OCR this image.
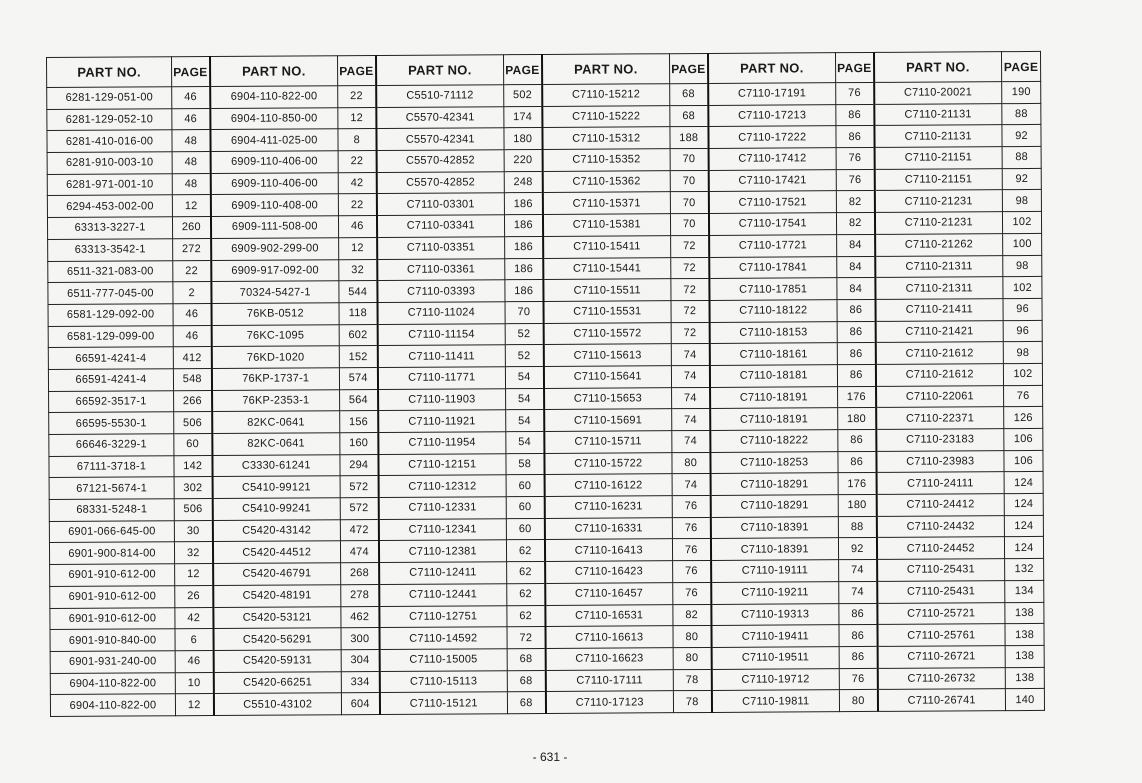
PART NO.	PAGE	PART NO.	PAGE	PART NO.	PAGE	PART NO.	PAGE	PART NO.	PAGE	PART NO.	PAGE
6281-129-051-00	46	6904-110-822-00	22	C5510-71112	502	C7110-15212	68	C7110-17191	76	C7110-20021	190
6281-129-052-10	46	6904-110-850-00	12	C5570-42341	174	C7110-15222	68	C7110-17213	86	C7110-21131	88
6281-410-016-00	48	6904-411-025-00	8	C5570-42341	180	C7110-15312	188	C7110-17222	86	C7110-21131	92
6281-910-003-10	48	6909-110-406-00	22	C5570-42852	220	C7110-15352	70	C7110-17412	76	C7110-21151	88
6281-971-001-10	48	6909-110-406-00	42	C5570-42852	248	C7110-15362	70	C7110-17421	76	C7110-21151	92
6294-453-002-00	12	6909-110-408-00	22	C7110-03301	186	C7110-15371	70	C7110-17521	82	C7110-21231	98
63313-3227-1	260	6909-111-508-00	46	C7110-03341	186	C7110-15381	70	C7110-17541	82	C7110-21231	102
63313-3542-1	272	6909-902-299-00	12	C7110-03351	186	C7110-15411	72	C7110-17721	84	C7110-21262	100
6511-321-083-00	22	6909-917-092-00	32	C7110-03361	186	C7110-15441	72	C7110-17841	84	C7110-21311	98
6511-777-045-00	2	70324-5427-1	544	C7110-03393	186	C7110-15511	72	C7110-17851	84	C7110-21311	102
6581-129-092-00	46	76KB-0512	118	C7110-11024	70	C7110-15531	72	C7110-18122	86	C7110-21411	96
6581-129-099-00	46	76KC-1095	602	C7110-11154	52	C7110-15572	72	C7110-18153	86	C7110-21421	96
66591-4241-4	412	76KD-1020	152	C7110-11411	52	C7110-15613	74	C7110-18161	86	C7110-21612	98
66591-4241-4	548	76KP-1737-1	574	C7110-11771	54	C7110-15641	74	C7110-18181	86	C7110-21612	102
66592-3517-1	266	76KP-2353-1	564	C7110-11903	54	C7110-15653	74	C7110-18191	176	C7110-22061	76
66595-5530-1	506	82KC-0641	156	C7110-11921	54	C7110-15691	74	C7110-18191	180	C7110-22371	126
66646-3229-1	60	82KC-0641	160	C7110-11954	54	C7110-15711	74	C7110-18222	86	C7110-23183	106
67111-3718-1	142	C3330-61241	294	C7110-12151	58	C7110-15722	80	C7110-18253	86	C7110-23983	106
67121-5674-1	302	C5410-99121	572	C7110-12312	60	C7110-16122	74	C7110-18291	176	C7110-24111	124
68331-5248-1	506	C5410-99241	572	C7110-12331	60	C7110-16231	76	C7110-18291	180	C7110-24412	124
6901-066-645-00	30	C5420-43142	472	C7110-12341	60	C7110-16331	76	C7110-18391	88	C7110-24432	124
6901-900-814-00	32	C5420-44512	474	C7110-12381	62	C7110-16413	76	C7110-18391	92	C7110-24452	124
6901-910-612-00	12	C5420-46791	268	C7110-12411	62	C7110-16423	76	C7110-19111	74	C7110-25431	132
6901-910-612-00	26	C5420-48191	278	C7110-12441	62	C7110-16457	76	C7110-19211	74	C7110-25431	134
6901-910-612-00	42	C5420-53121	462	C7110-12751	62	C7110-16531	82	C7110-19313	86	C7110-25721	138
6901-910-840-00	6	C5420-56291	300	C7110-14592	72	C7110-16613	80	C7110-19411	86	C7110-25761	138
6901-931-240-00	46	C5420-59131	304	C7110-15005	68	C7110-16623	80	C7110-19511	86	C7110-26721	138
6904-110-822-00	10	C5420-66251	334	C7110-15113	68	C7110-17111	78	C7110-19712	76	C7110-26732	138
6904-110-822-00	12	C5510-43102	604	C7110-15121	68	C7110-17123	78	C7110-19811	80	C7110-26741	140
- 631 -
